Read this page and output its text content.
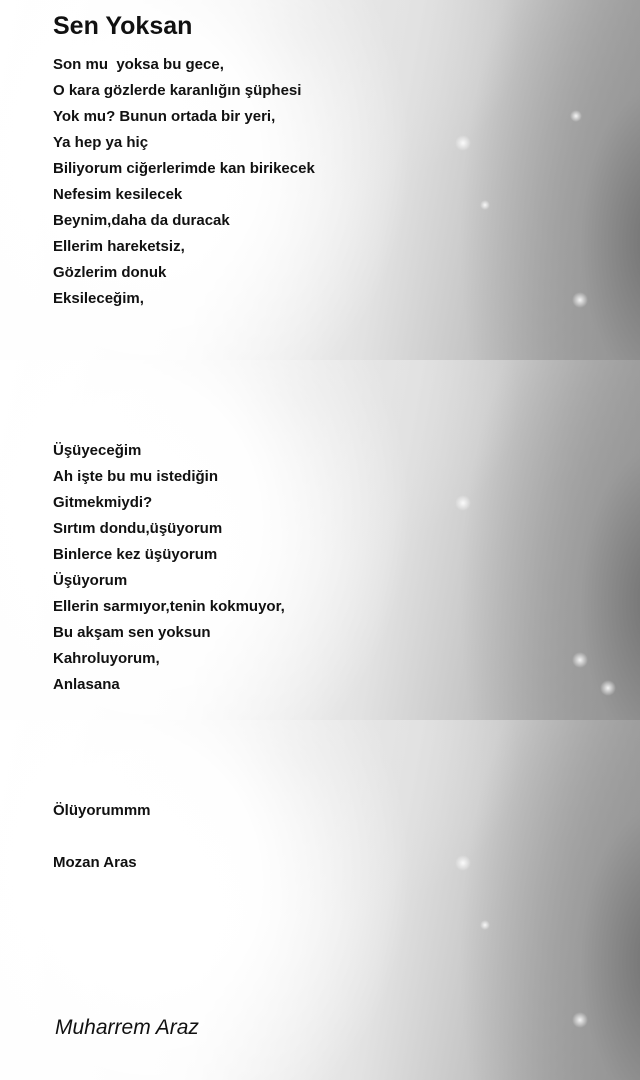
Sen Yoksan
Son mu  yoksa bu gece,
O kara gözlerde karanlığın şüphesi
Yok mu? Bunun ortada bir yeri,
Ya hep ya hiç
Biliyorum ciğerlerimde kan birikecek
Nefesim kesilecek
Beynim,daha da duracak
Ellerim hareketsiz,
Gözlerim donuk
Eksileceğim,
Üşüyeceğim
Ah işte bu mu istediğin
Gitmekmiydi?
Sırtım dondu,üşüyorum
Binlerce kez üşüyorum
Üşüyorum
Ellerin sarmıyor,tenin kokmuyor,
Bu akşam sen yoksun
Kahroluyorum,
Anlasana
Ölüyorummm
Mozan Aras
Muharrem Araz
